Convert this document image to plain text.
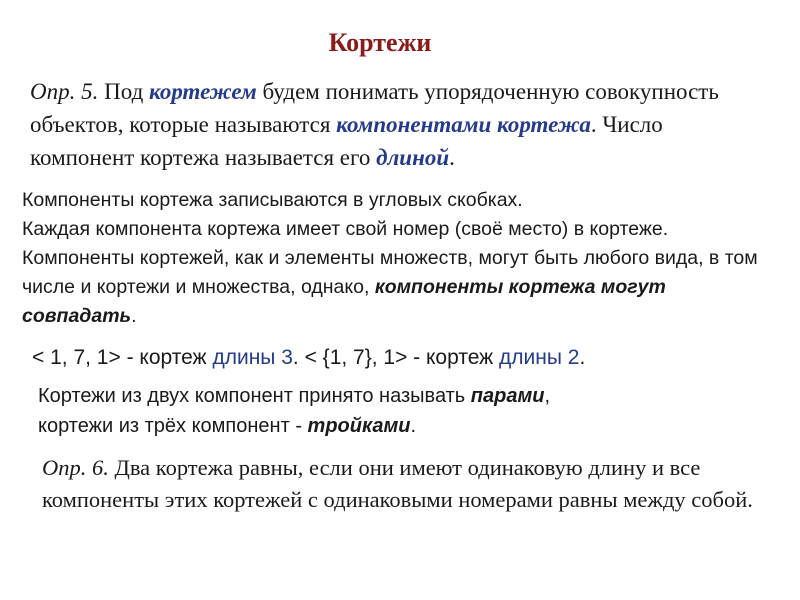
Кортежи
Опр. 5. Под кортежем будем понимать упорядоченную совокупность объектов, которые называются компонентами кортежа. Число компонент кортежа называется его длиной.
Компоненты кортежа записываются в угловых скобках.
Каждая компонента кортежа имеет свой номер (своё место) в кортеже.
Компоненты кортежей, как и элементы множеств, могут быть любого вида, в том числе и кортежи и множества, однако, компоненты кортежа могут совпадать.
< 1, 7, 1> - кортеж длины 3. < {1, 7}, 1> - кортеж длины 2.
Кортежи из двух компонент принято называть парами,
кортежи из трёх компонент - тройками.
Опр. 6. Два кортежа равны, если они имеют одинаковую длину и все компоненты этих кортежей с одинаковыми номерами равны между собой.
